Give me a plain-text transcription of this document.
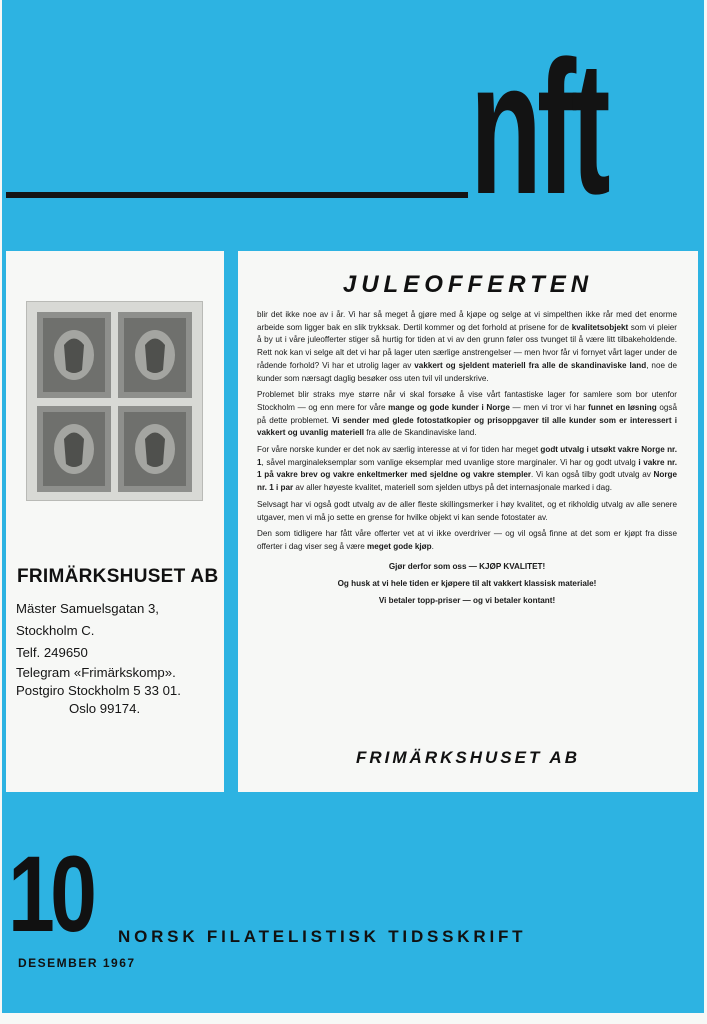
nft
FRIMÄRKSHUSET AB
Mäster Samuelsgatan 3,
Stockholm C.
Telf. 249650
Telegram «Frimärkskomp».
Postgiro Stockholm 5 33 01.
Oslo 99174.
JULEOFFERTEN

blir det ikke noe av i år. Vi har så meget å gjøre med å kjøpe og selge at vi simpelthen ikke rår med det enorme arbeide som ligger bak en slik trykksak. Dertil kommer og det forhold at prisene for de kvalitetsobjekt som vi pleier å by ut i våre juleofferter stiger så hurtig for tiden at vi av den grunn føler oss tvunget til å være litt tilbakeholdende. Rett nok kan vi selge alt det vi har på lager uten særlige anstrengelser — men hvor får vi fornyet vårt lager under de rådende forhold? Vi har et utrolig lager av vakkert og sjeldent materiell fra alle de skandinaviske land, noe de kunder som nærsagt daglig besøker oss uten tvil vil underskrive.

Problemet blir straks mye større når vi skal forsøke å vise vårt fantastiske lager for samlere som bor utenfor Stockholm — og enn mere for våre mange og gode kunder i Norge — men vi tror vi har funnet en løsning også på dette problemet. Vi sender med glede fotostatkopier og prisoppgaver til alle kunder som er interessert i vakkert og uvanlig materiell fra alle de Skandinaviske land.

For våre norske kunder er det nok av særlig interesse at vi for tiden har meget godt utvalg i utsøkt vakre Norge nr. 1, såvel marginaleksemplar som vanlige eksemplar med uvanlige store marginaler. Vi har og godt utvalg i vakre nr. 1 på vakre brev og vakre enkeltmerker med sjeldne og vakre stempler. Vi kan også tilby godt utvalg av Norge nr. 1 i par av aller høyeste kvalitet, materiell som sjelden utbys på det internasjonale marked i dag.

Selvsagt har vi også godt utvalg av de aller fleste skillingsmerker i høy kvalitet, og et rikholdig utvalg av alle senere utgaver, men vi må jo sette en grense for hvilke objekt vi kan sende fotostater av.

Den som tidligere har fått våre offerter vet at vi ikke overdriver — og vil også finne at det som er kjøpt fra disse offerter i dag viser seg å være meget gode kjøp.

Gjør derfor som oss — KJØP KVALITET!
Og husk at vi hele tiden er kjøpere til alt vakkert klassisk materiale!
Vi betaler topp-priser — og vi betaler kontant!
FRIMÄRKSHUSET AB
10 NORSK FILATELISTISK TIDSSKRIFT
DESEMBER 1967
